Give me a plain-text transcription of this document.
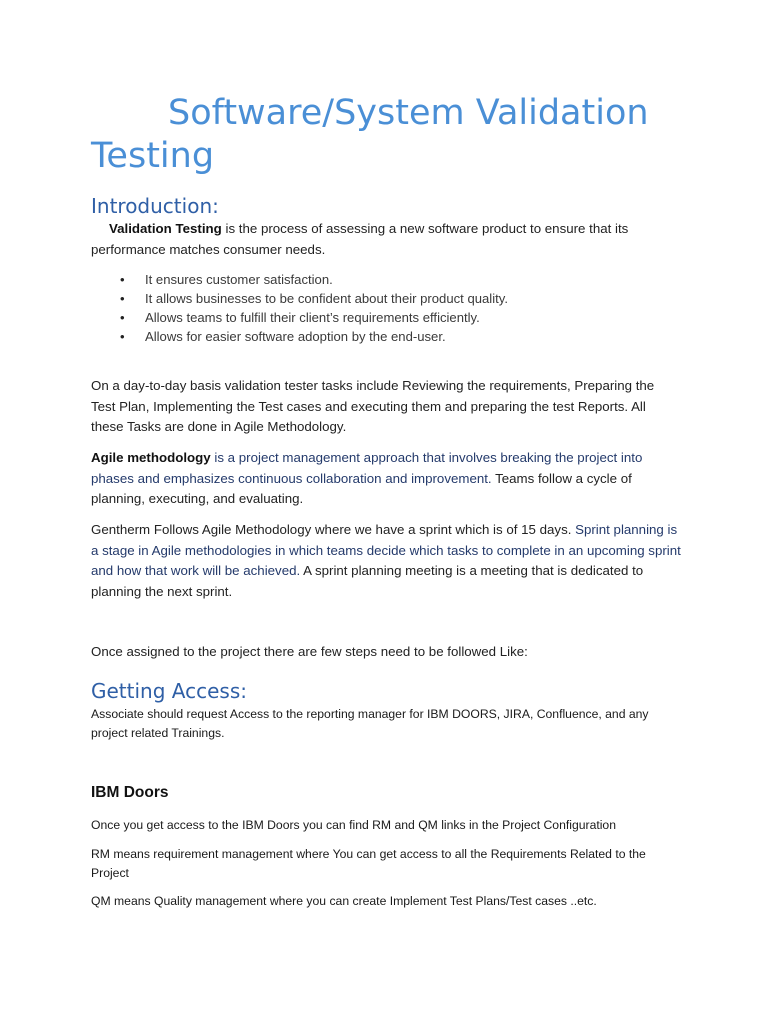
Software/System Validation Testing
Introduction:

Validation Testing is the process of assessing a new software product to ensure that its performance matches consumer needs.

• It ensures customer satisfaction.
• It allows businesses to be confident about their product quality.
• Allows teams to fulfill their client’s requirements efficiently.
• Allows for easier software adoption by the end-user.

On a day-to-day basis validation tester tasks include Reviewing the requirements, Preparing the Test Plan, Implementing the Test cases and executing them and preparing the test Reports. All these Tasks are done in Agile Methodology.

Agile methodology is a project management approach that involves breaking the project into phases and emphasizes continuous collaboration and improvement. Teams follow a cycle of planning, executing, and evaluating.

Gentherm Follows Agile Methodology where we have a sprint which is of 15 days. Sprint planning is a stage in Agile methodologies in which teams decide which tasks to complete in an upcoming sprint and how that work will be achieved. A sprint planning meeting is a meeting that is dedicated to planning the next sprint.

Once assigned to the project there are few steps need to be followed Like:

Getting Access:

Associate should request Access to the reporting manager for IBM DOORS, JIRA, Confluence, and any project related Trainings.

IBM Doors

Once you get access to the IBM Doors you can find RM and QM links in the Project Configuration

RM means requirement management where You can get access to all the Requirements Related to the Project

QM means Quality management where you can create Implement Test Plans/Test cases ..etc.
